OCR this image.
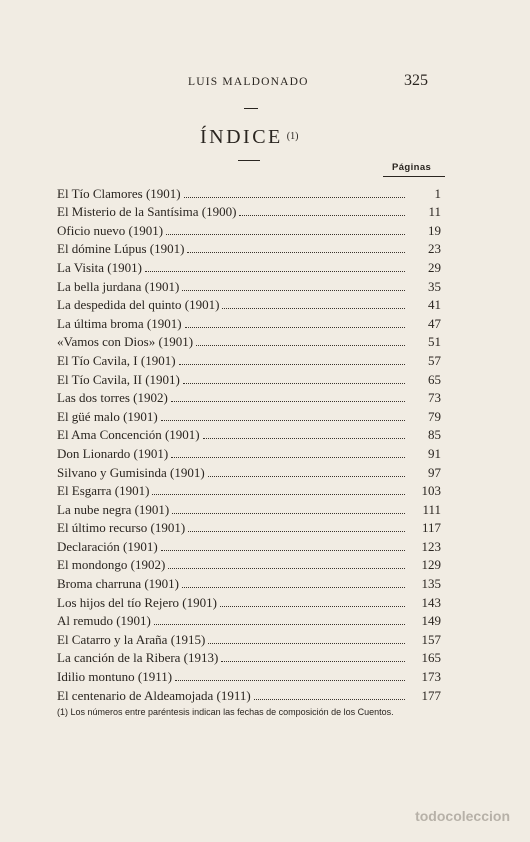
LUIS MALDONADO	325
ÍNDICE $^{(1)}$
Páginas
El Tío Clamores (1901)	1
El Misterio de la Santísima (1900)	11
Oficio nuevo (1901)	19
El dómine Lúpus (1901)	23
La Visita (1901)	29
La bella jurdana (1901)	35
La despedida del quinto (1901)	41
La última broma (1901)	47
«Vamos con Dios» (1901)	51
El Tío Cavila, I (1901)	57
El Tío Cavila, II (1901)	65
Las dos torres (1902)	73
El güé malo (1901)	79
El Ama Concención (1901)	85
Don Lionardo (1901)	91
Silvano y Gumisinda (1901)	97
El Esgarra (1901)	103
La nube negra (1901)	111
El último recurso (1901)	117
Declaración (1901)	123
El mondongo (1902)	129
Broma charruna (1901)	135
Los hijos del tío Rejero (1901)	143
Al remudo (1901)	149
El Catarro y la Araña (1915)	157
La canción de la Ribera (1913)	165
Idilio montuno (1911)	173
El centenario de Aldeamojada (1911)	177
(1) Los números entre paréntesis indican las fechas de composición de los Cuentos.
todocoleccion
